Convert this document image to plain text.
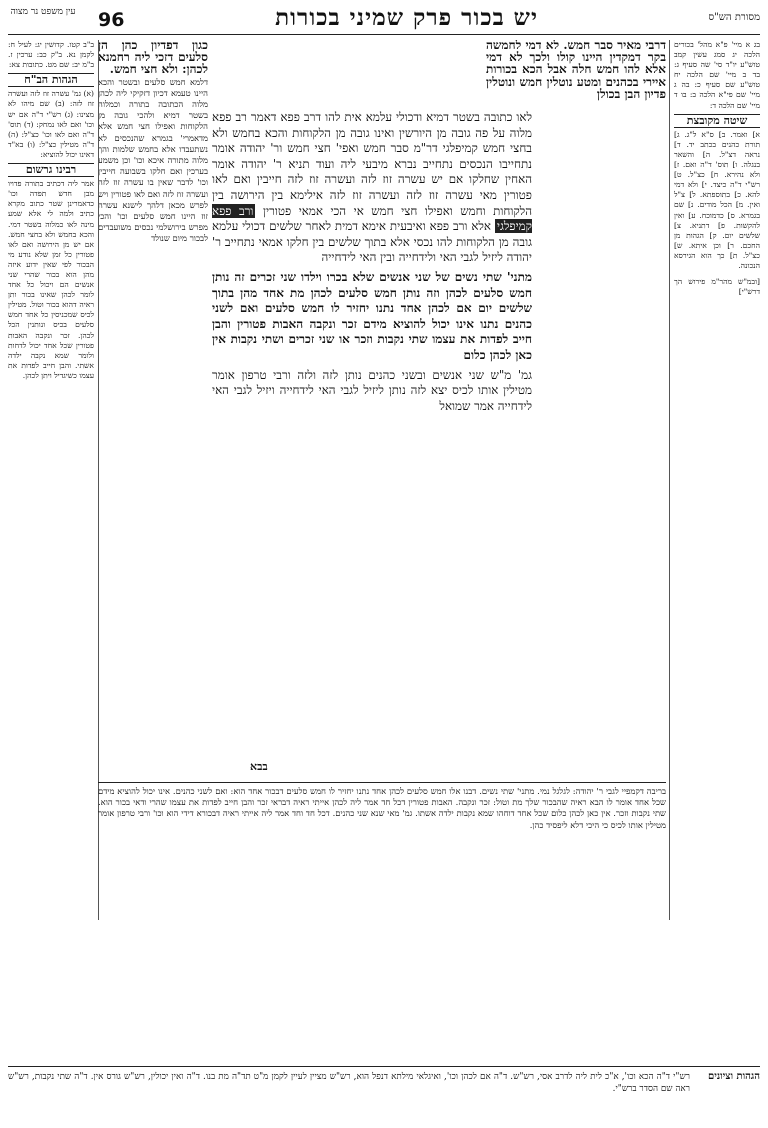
מסורת הש"ס
יש בכור פרק שמיני בכורות
96
עין משפט נר מצוה

בג א מיי' פ"א מהל' בכורים הלכה יג סמג עשין קמב טוש"ע יו"ד סי' שה סעיף ג: בד ב מיי' שם הלכה יח טוש"ע שם סעיף כ: בה ג מיי' שם פי"א הלכה ב: בו ד מיי' שם הלכה ד:

שיטה מקובצת

א] ואמר. ב] ס"א ל"ג. ג] תורת כהנים בכתב יד. ד] נראה דצ"ל. ה] והשאר בנגלה. ו] תוס' ד"ה ואם. ז] ולא נהירא. ח] כצ"ל. ט] רש"י ד"ה כיצד. י] ולא דמי להא. כ] בתוספתא. ל] צ"ל ואין. מ] הכל מודים. נ] שם בגמרא. ס] כדמוכח. ע] ואין להקשות. פ] דתניא. צ] שלשים יום. ק] הגהות מן החכם. ר] וכן איתא. ש] כצ"ל. ת] כך הוא הגירסא הנכונה.

[ובמ"ש מהר"מ פירוש הך דרש"י]

דרבי מאיר סבר חמש. לא דמי לחמשה בקר דמקדין היינו קולו ולכך לא דמי אלא להו חמש חלה אבל הכא בכורות איירי בכהנים ומטע נוטלין חמש ונוטלין פדיון הבן בכולן

לאו כתובה בשטר דמיא ודכולי עלמא אית להו דרב פפא דאמר רב פפא מלוה על פה גובה מן היורשין ואינו גובה מן הלקוחות והכא בחמש ולא בחצי חמש קמיפלגי דר"מ סבר חמש ואפי' חצי חמש ור' יהודה אומר נתחייבו הנכסים נתחייב נברא מיבעי ליה ועוד תניא ר' יהודה אומר האחין שחלקו אם יש עשרה זוז לזה ועשרה זוז לזה חייבין ואם לאו פטורין מאי עשרה זוז לזה ועשרה זוז לזה אילימא בין הירושה בין הלקוחות וחמש ואפילו חצי חמש אי הכי אמאי פטורין ורב פפא קמיפלגי אלא ורב פפא ואיבעית אימא דמית לאחר שלשים דכולי עלמא גובה מן הלקוחות להו נכסי אלא בתוך שלשים בין חלקו אמאי נתחייב ר' יהודה ליזיל לגבי האי ולידחייה ובין האי לידחייה

מתני' שתי נשים של שני אנשים שלא בכרו וילדו שני זכרים זה נותן חמש סלעים לכהן וזה נותן חמש סלעים לכהן מת אחד מהן בתוך שלשים יום אם לכהן אחד נתנו יחזיר לו חמש סלעים ואם לשני כהנים נתנו אינו יכול להוציא מידם זכר ונקבה האבות פטורין והבן חייב לפדות את עצמו שתי נקבות וזכר או שני זכרים ושתי נקבות אין כאן לכהן כלום

גמ' מ"ש שני אנשים ובשני כהנים נותן לזה ולזה ורבי טרפון אומר מטילין אותו לכיס יצא לזה נותן ליזיל לגבי האי לידחייה ויזיל לגבי האי לידחייה אמר שמואל

כגון דפדיון כהן הן סלעים דזכי ליה רחמנא לכהן: ולא חצי חמש.

דלמא חמש סלעים ובשטר והכא היינו טעמא דכיון דזקיקי ליה לכהן מלוה הכתובה בתורה וכמלוה בשטר דמיא ולהכי גובה מן הלקוחות ואפילו חצי חמש אלא מדאמרי' בגמרא שהנכסים לא נשתעבדו אלא בחמש שלמות והך מלוה מתורה איכא וכו' וכן משמע בערכין ואם חלקו בשבועה חייבין וכו' לדבר שאין בו עשרה זוז לזה ועשרה זוז לזה ואם לאו פטורין ויש לפרש מכאן דלהך לישנא עשרה זוז היינו חמש סלעים וכו' והכי מפרש בירושלמי נכסים משועבדים לבכור מיום שנולד

ב"ב קטו. קדושין יג: לעיל ח: לקמן נא. ב"ק כב: ערכין ז. ב"מ יב: שם מט. כתובות צא:

הגהות הב"ח

(א) גמ' עשרה זוז לזה ועשרה זוז לזה: (ב) שם מיהו לא מצינו: (ג) רש"י ד"ה אם יש וכו' ואם לאו נמחק: (ד) תוס' ד"ה ואם לאו וכו' כצ"ל: (ה) ד"ה מטילין כצ"ל: (ו) בא"ד דאינו יכול להוציא:

רבינו גרשום

אמר ליה דכתיב בתורה פדויו מבן חדש תפדה וכו' כדאמרינן שטר כתוב מקרא כתיב ולמה לי אלא שמע מינה לאו כמלוה בשטר דמי. והכא בחמש ולא בחצי חמש. אם יש מן הירושה ואם לאו פטורין כל זמן שלא נודע מי הבכור לפי שאין ידוע איזה מהן הוא בכור שהרי שני אנשים הם ויכול כל אחד לומר לכהן שאינו בכור ותן ראיה דהוא בכור וטול. מטילין לכיס שמכניסין כל אחד חמש סלעים בכיס ונותנין הכל לכהן. זכר ונקבה האבות פטורין שכל אחד יכול לדחות ולומר שמא נקבה ילדה אשתי. והבן חייב לפדות את עצמו כשיגדיל ויתן לכהן.

בבא

בריבה דקמפיי לגבי ר' יהודה: לגלגל נמי. מתני' שתי נשים. דבנו אלו חמש סלעים לכהן אחד נתנו יחזיר לו חמש סלעים דבכור אחד הוא: ואם לשני כהנים. אינו יכול להוציא מידם שכל אחד אומר לו הבא ראיה שהבכור שלך מת וטול: זכר ונקבה. האבות פטורין דכל חד אמר ליה לכהן אייתי ראיה דבראי זכר והבן חייב לפדות את עצמו שהרי ודאי בכור הוא. שתי נקבות וזכר. אין כאן לכהן כלום שכל אחד דוחהו שמא נקבות ילדה אשתו. גמ' מאי שנא שני כהנים. דכל חד וחד אמר ליה אייתי ראיה דבכורא דידי הוא וכו' ורבי טרפון אומר מטילין אותו לכיס כי היכי דלא ליפסיד כהן.

הגהות וציונים
רש"י ד"ה הכא וכו', א"כ לית ליה לדרב אסי, רש"ש. ד"ה אם לכהן וכו', ואיגלאי מילתא דנפל הוא, רש"ש מציין לעיין לקמן מ"ט תד"ה מת בנו. ד"ה ואין יכולין, רש"ש גורס אין. ד"ה שתי נקבות, רש"ש ראה שם הסדר ברש"י.
